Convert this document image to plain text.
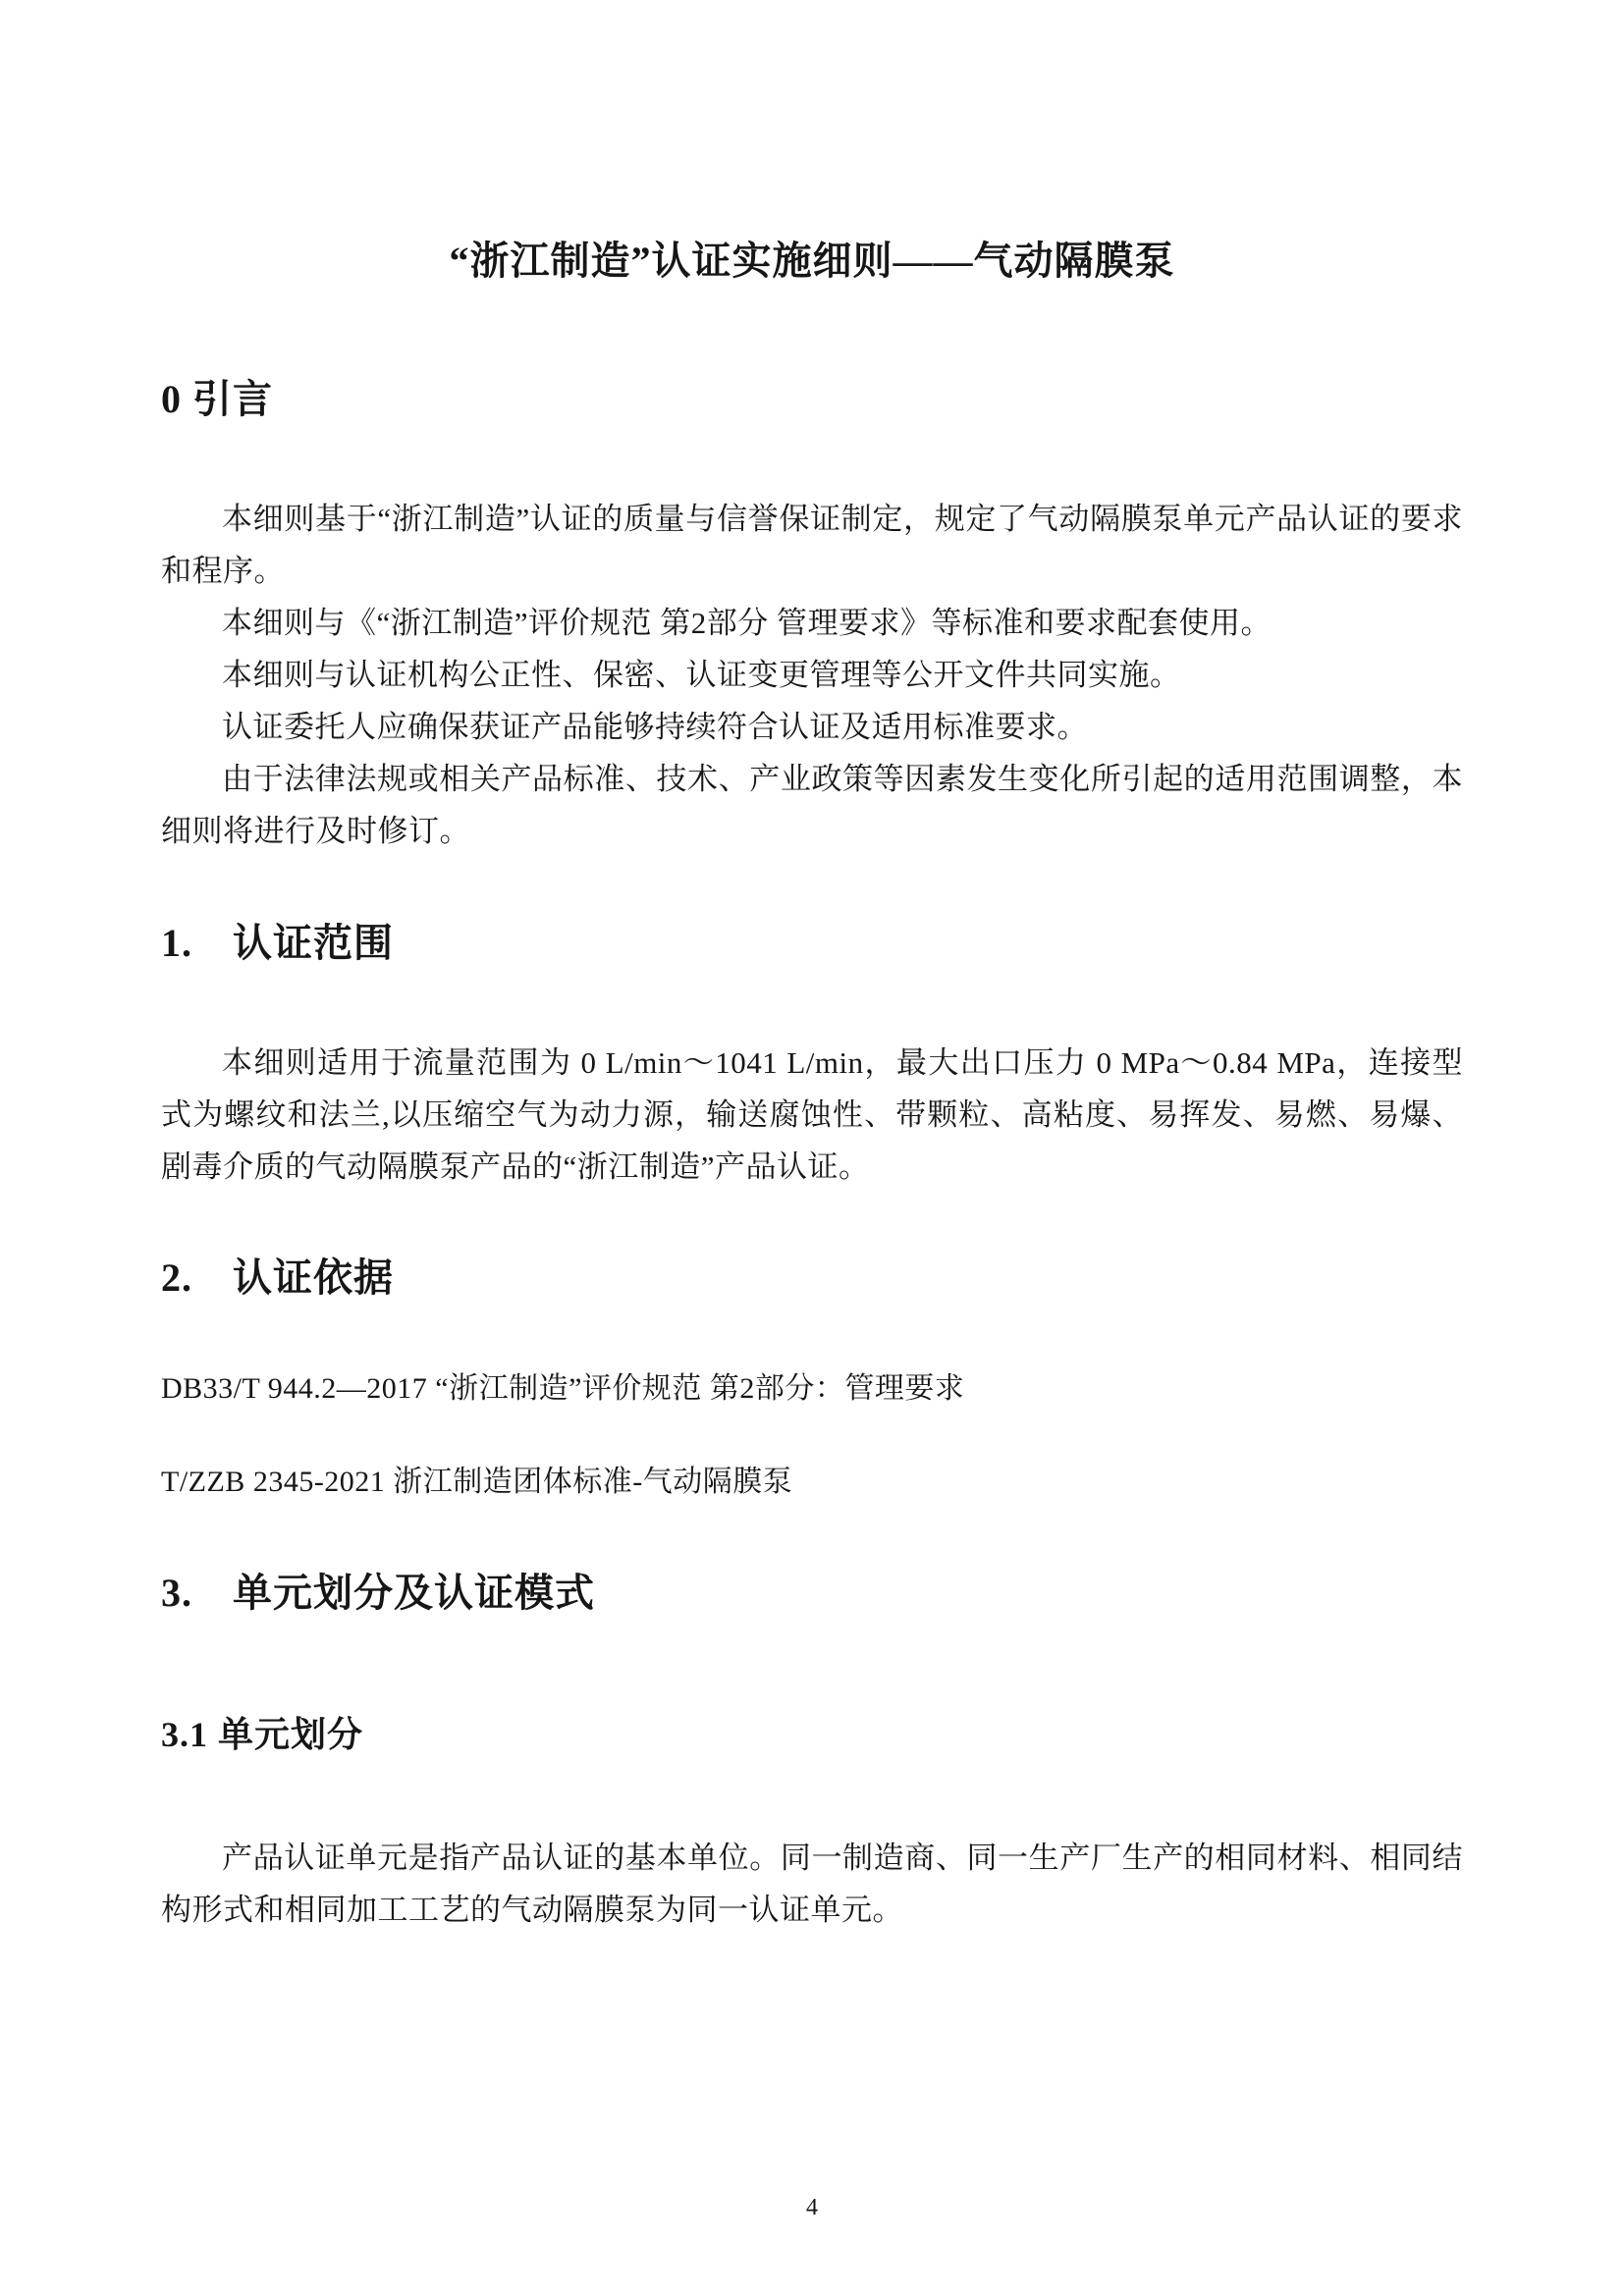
“浙江制造”认证实施细则——气动隔膜泵
0 引言

本细则基于“浙江制造”认证的质量与信誉保证制定，规定了气动隔膜泵单元产品认证的要求和程序。

本细则与《“浙江制造”评价规范 第2部分 管理要求》等标准和要求配套使用。

本细则与认证机构公正性、保密、认证变更管理等公开文件共同实施。

认证委托人应确保获证产品能够持续符合认证及适用标准要求。

由于法律法规或相关产品标准、技术、产业政策等因素发生变化所引起的适用范围调整，本细则将进行及时修订。

1.　认证范围

本细则适用于流量范围为 0 L/min～1041 L/min，最大出口压力 0 MPa～0.84 MPa，连接型式为螺纹和法兰,以压缩空气为动力源，输送腐蚀性、带颗粒、高粘度、易挥发、易燃、易爆、剧毒介质的气动隔膜泵产品的“浙江制造”产品认证。

2.　认证依据

DB33/T 944.2—2017 “浙江制造”评价规范 第2部分：管理要求

T/ZZB 2345-2021 浙江制造团体标准-气动隔膜泵

3.　单元划分及认证模式
3.1 单元划分

产品认证单元是指产品认证的基本单位。同一制造商、同一生产厂生产的相同材料、相同结构形式和相同加工工艺的气动隔膜泵为同一认证单元。

4
